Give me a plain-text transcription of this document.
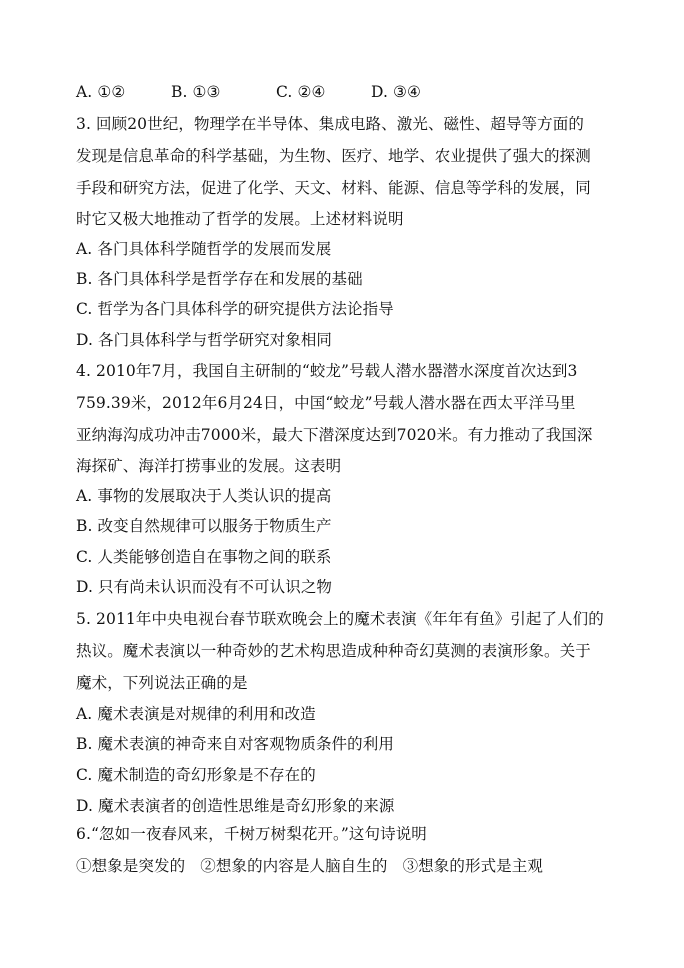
A. ①②	B. ①③	C. ②④	D. ③④
3. 回顾20世纪，物理学在半导体、集成电路、激光、磁性、超导等方面的
发现是信息革命的科学基础，为生物、医疗、地学、农业提供了强大的探测
手段和研究方法，促进了化学、天文、材料、能源、信息等学科的发展，同
时它又极大地推动了哲学的发展。上述材料说明
A. 各门具体科学随哲学的发展而发展
B. 各门具体科学是哲学存在和发展的基础
C. 哲学为各门具体科学的研究提供方法论指导
D. 各门具体科学与哲学研究对象相同
4. 2010年7月，我国自主研制的“蛟龙”号载人潜水器潜水深度首次达到3
759.39米，2012年6月24日，中国“蛟龙”号载人潜水器在西太平洋马里
亚纳海沟成功冲击7000米，最大下潜深度达到7020米。有力推动了我国深
海探矿、海洋打捞事业的发展。这表明
A. 事物的发展取决于人类认识的提高
B. 改变自然规律可以服务于物质生产
C. 人类能够创造自在事物之间的联系
D. 只有尚未认识而没有不可认识之物
5. 2011年中央电视台春节联欢晚会上的魔术表演《年年有鱼》引起了人们的
热议。魔术表演以一种奇妙的艺术构思造成种种奇幻莫测的表演形象。关于
魔术，下列说法正确的是
A. 魔术表演是对规律的利用和改造
B. 魔术表演的神奇来自对客观物质条件的利用
C. 魔术制造的奇幻形象是不存在的
D. 魔术表演者的创造性思维是奇幻形象的来源
6.“忽如一夜春风来，千树万树梨花开。”这句诗说明
①想象是突发的   ②想象的内容是人脑自生的   ③想象的形式是主观
